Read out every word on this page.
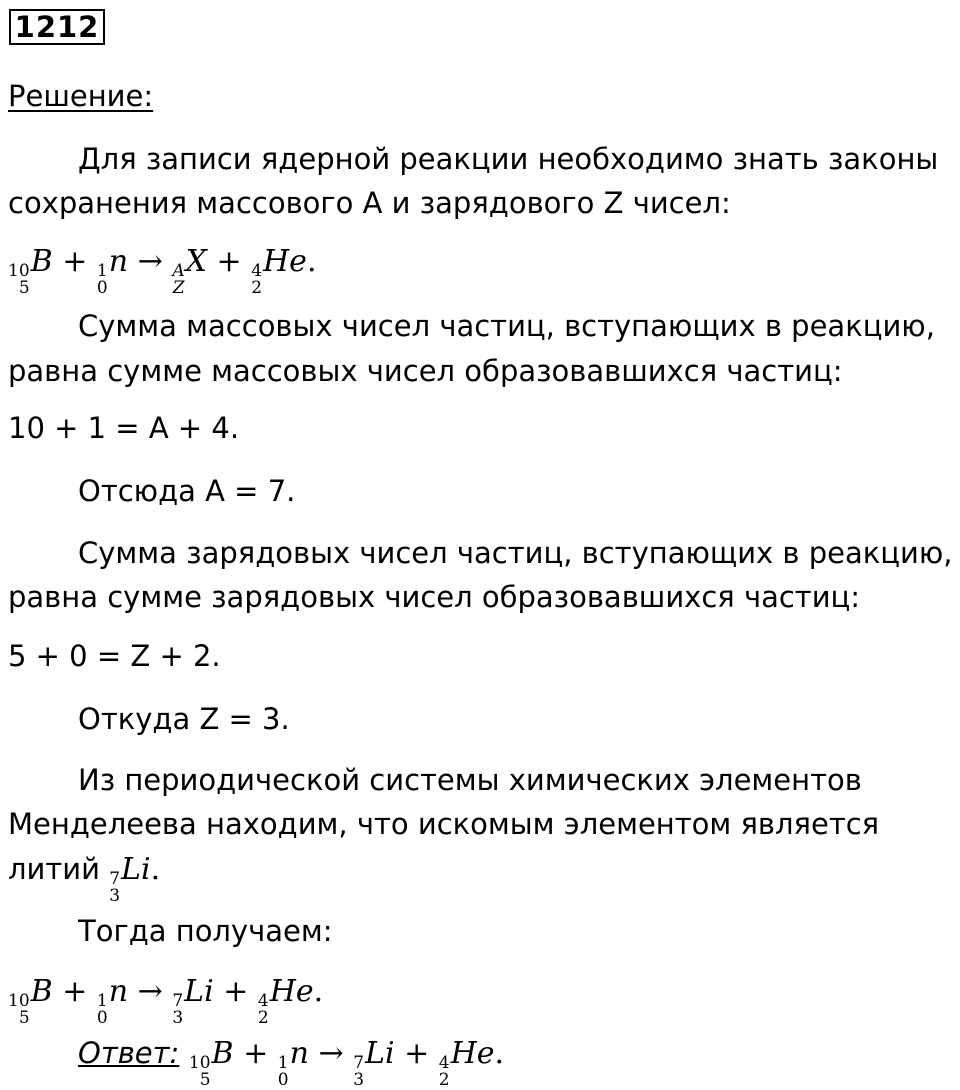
1212
Решение:
Для записи ядерной реакции необходимо знать законы
сохранения массового А и зарядового Z чисел:
10
5
B + 1
0
n → A
Z
X + 4
2
He.
Сумма массовых чисел частиц, вступающих в реакцию,
равна сумме массовых чисел образовавшихся частиц:
10 + 1 = A + 4.
Отсюда A = 7.
Сумма зарядовых чисел частиц, вступающих в реакцию,
равна сумме зарядовых чисел образовавшихся частиц:
5 + 0 = Z + 2.
Откуда Z = 3.
Из периодической системы химических элементов
Менделеева находим, что искомым элементом является
литий 7
3
Li.
Тогда получаем:
10
5
B + 1
0
n → 7
3
Li + 4
2
He.
Ответ: 10
5
B + 1
0
n → 7
3
Li + 4
2
He.
